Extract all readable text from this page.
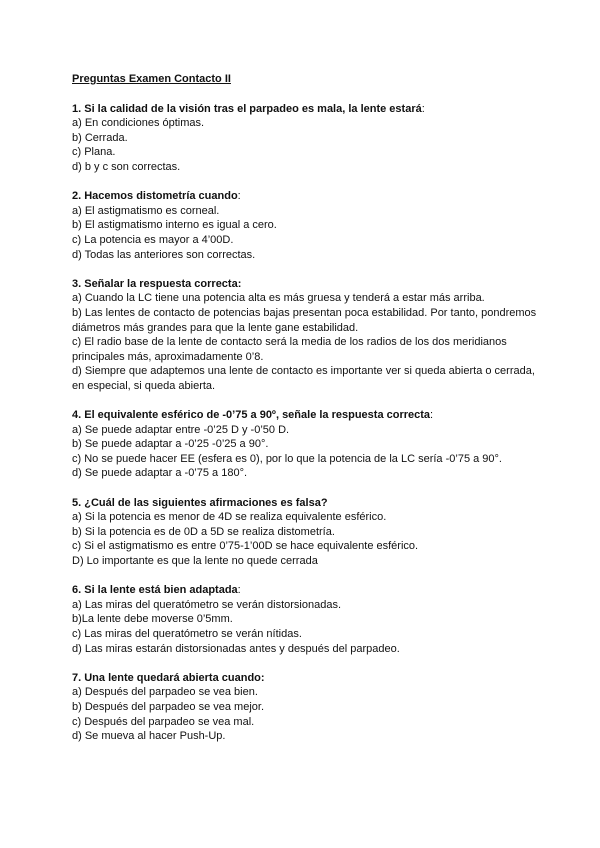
Preguntas Examen Contacto II
1. Si la calidad de la visión tras el parpadeo es mala, la lente estará:
a) En condiciones óptimas.
b) Cerrada.
c) Plana.
d) b y c son correctas.
2. Hacemos distometría cuando:
a) El astigmatismo es corneal.
b) El astigmatismo interno es igual a cero.
c) La potencia es mayor a 4’00D.
d) Todas las anteriores son correctas.
3. Señalar la respuesta correcta:
a) Cuando la LC tiene una potencia alta es más gruesa y tenderá a estar más arriba.
b) Las lentes de contacto de potencias bajas presentan poca estabilidad. Por tanto, pondremos diámetros más grandes para que la lente gane estabilidad.
c) El radio base de la lente de contacto será la media de los radios de los dos meridianos principales más, aproximadamente 0’8.
d) Siempre que adaptemos una lente de contacto es importante ver si queda abierta o cerrada, en especial, si queda abierta.
4. El equivalente esférico de -0’75 a 90º, señale la respuesta correcta:
a) Se puede adaptar entre -0’25 D y -0’50 D.
b) Se puede adaptar a -0’25 -0’25 a 90°.
c) No se puede hacer EE (esfera es 0), por lo que la potencia de la LC sería -0’75 a 90°.
d) Se puede adaptar a -0’75 a 180°.
5. ¿Cuál de las siguientes afirmaciones es falsa?
a) Si la potencia es menor de 4D se realiza equivalente esférico.
b) Si la potencia es de 0D a 5D se realiza distometría.
c) Si el astigmatismo es entre 0’75-1’00D se hace equivalente esférico.
D) Lo importante es que la lente no quede cerrada
6. Si la lente está bien adaptada:
a) Las miras del queratómetro se verán distorsionadas.
b)La lente debe moverse 0’5mm.
c) Las miras del queratómetro se verán nítidas.
d) Las miras estarán distorsionadas antes y después del parpadeo.
7. Una lente quedará abierta cuando:
a) Después del parpadeo se vea bien.
b) Después del parpadeo se vea mejor.
c) Después del parpadeo se vea mal.
d) Se mueva al hacer Push-Up.
